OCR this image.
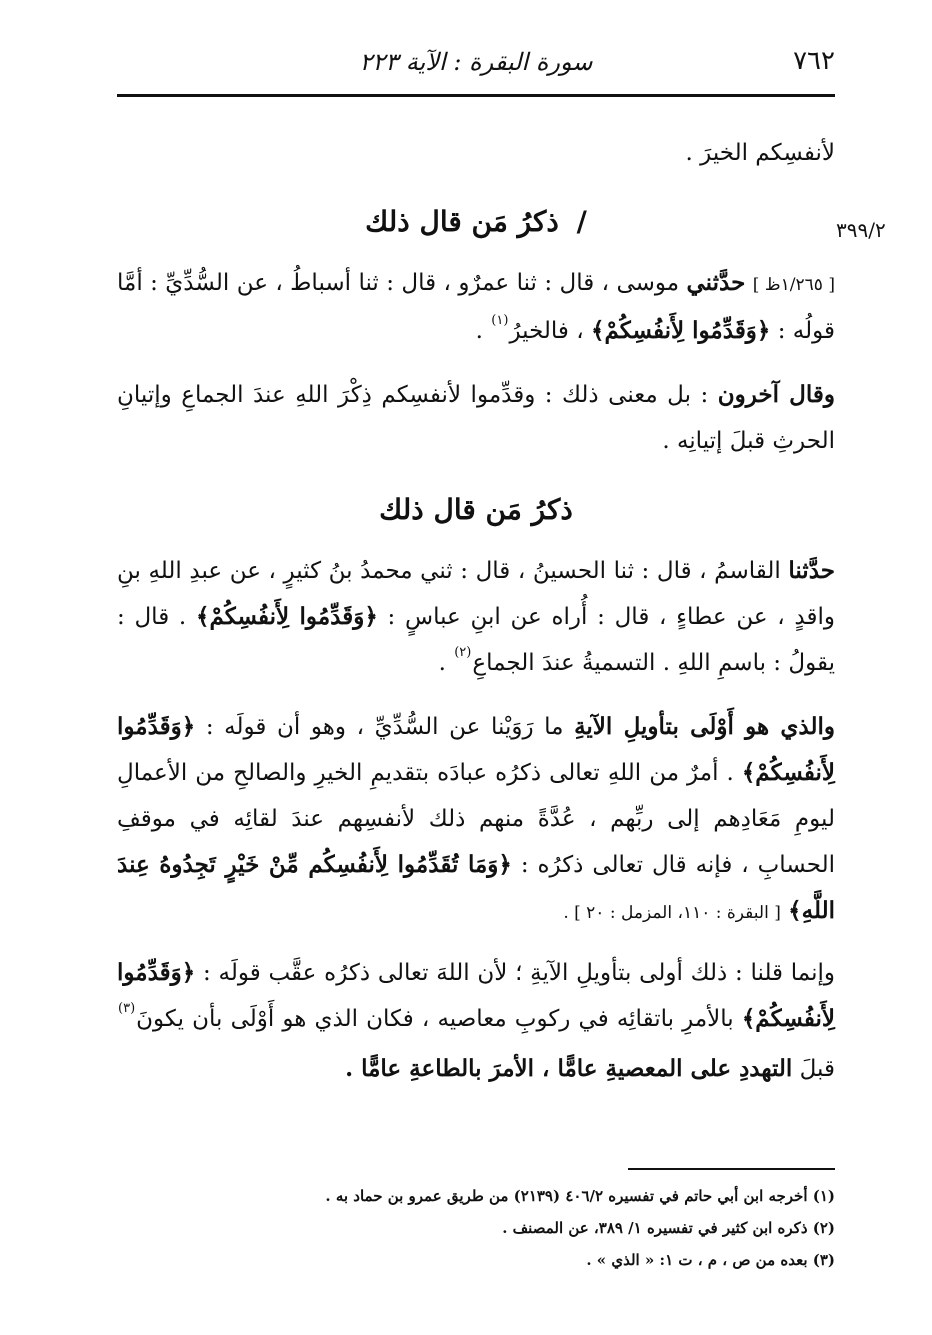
٧٦٢
سورة البقرة : الآية ٢٢٣
٣٩٩/٢

لأنفسِكم الخيرَ .

/ ذكرُ مَن قال ذلك

[ ١/٢٦٥ظ ] حدَّثني موسى ، قال : ثنا عمرٌو ، قال : ثنا أسباطُ ، عن السُّدِّيِّ : أمَّا قولُه : ﴿وَقَدِّمُوا لِأَنفُسِكُمْ﴾ ، فالخيرُ$^{(١)}$ .

وقال آخرون : بل معنى ذلك : وقدِّموا لأنفسِكم ذِكْرَ اللهِ عندَ الجماعِ وإتيانِ الحرثِ قبلَ إتيانِه .

ذكرُ مَن قال ذلك

حدَّثنا القاسمُ ، قال : ثنا الحسينُ ، قال : ثني محمدُ بنُ كثيرٍ ، عن عبدِ اللهِ بنِ واقدٍ ، عن عطاءٍ ، قال : أُراه عن ابنِ عباسٍ : ﴿وَقَدِّمُوا لِأَنفُسِكُمْ﴾ . قال : يقولُ : باسمِ اللهِ . التسميةُ عندَ الجماعِ$^{(٢)}$ .

والذي هو أَوْلَى بتأويلِ الآيةِ ما رَوَيْنا عن السُّدِّيِّ ، وهو أن قولَه : ﴿وَقَدِّمُوا لِأَنفُسِكُمْ﴾ . أمرٌ من اللهِ تعالى ذكرُه عبادَه بتقديمِ الخيرِ والصالحِ من الأعمالِ ليومِ مَعَادِهم إلى ربِّهم ، عُدَّةً منهم ذلك لأنفسِهم عندَ لقائِه في موقفِ الحسابِ ، فإنه قال تعالى ذكرُه : ﴿وَمَا تُقَدِّمُوا لِأَنفُسِكُم مِّنْ خَيْرٍ تَجِدُوهُ عِندَ اللَّهِ﴾ [ البقرة : ١١٠، المزمل : ٢٠ ] .

وإنما قلنا : ذلك أولى بتأويلِ الآيةِ ؛ لأن اللهَ تعالى ذكرُه عقَّب قولَه : ﴿وَقَدِّمُوا لِأَنفُسِكُمْ﴾ بالأمرِ باتقائِه في ركوبِ معاصيه ، فكان الذي هو أَوْلَى بأن يكونَ$^{(٣)}$ قبلَ التهددِ على المعصيةِ عامًّا ، الأمرَ بالطاعةِ عامًّا .

(١) أخرجه ابن أبي حاتم في تفسيره ٤٠٦/٢ (٢١٣٩) من طريق عمرو بن حماد به .

(٢) ذكره ابن كثير في تفسيره ١/ ٣٨٩، عن المصنف .

(٣) بعده من ص ، م ، ت ١: « الذي » .
